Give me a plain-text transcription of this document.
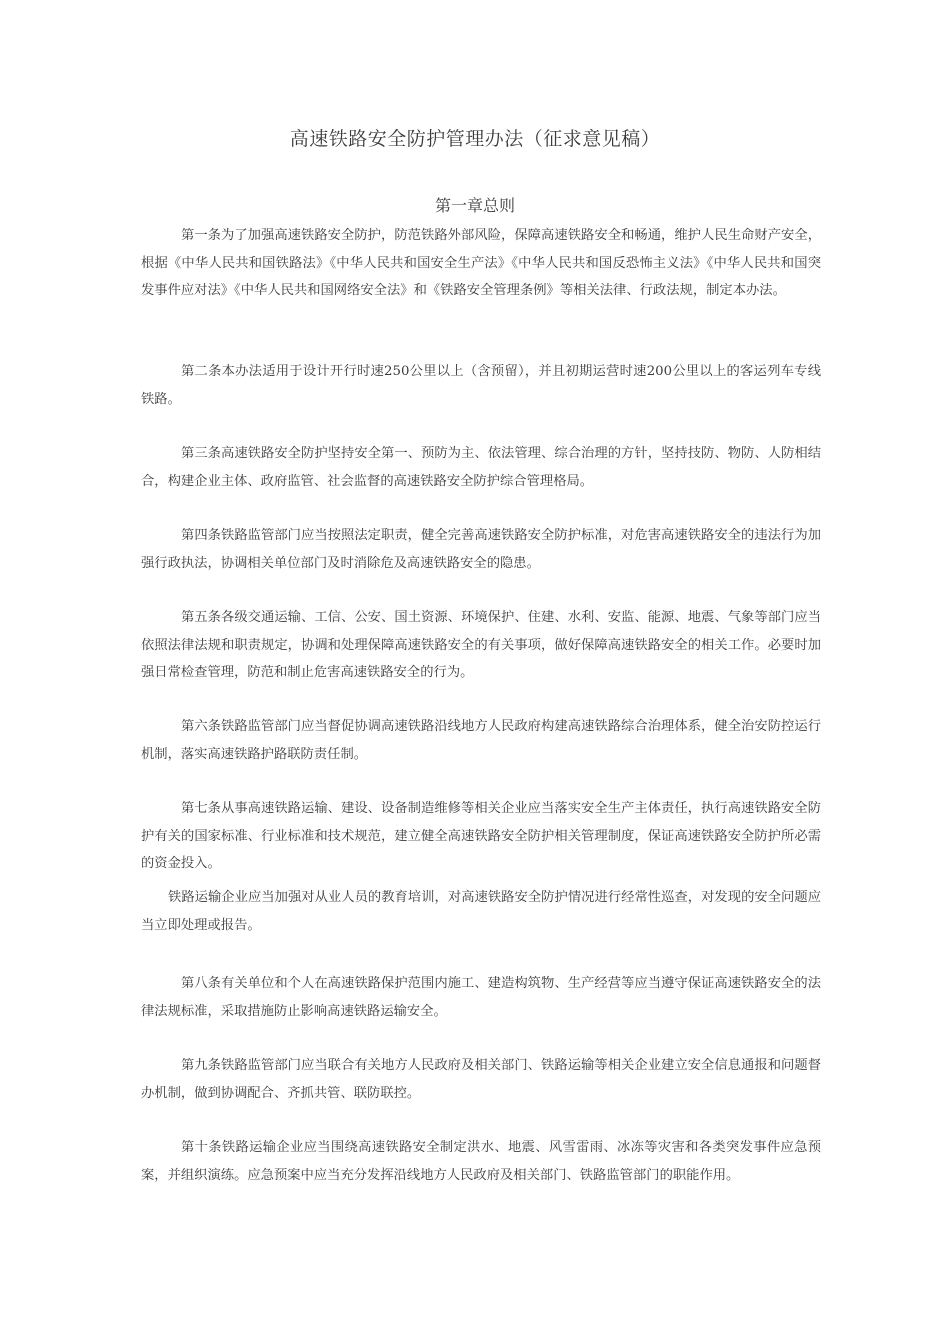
高速铁路安全防护管理办法（征求意见稿）
第一章总则

第一条为了加强高速铁路安全防护，防范铁路外部风险，保障高速铁路安全和畅通，维护人民生命财产安全，根据《中华人民共和国铁路法》《中华人民共和国安全生产法》《中华人民共和国反恐怖主义法》《中华人民共和国突发事件应对法》《中华人民共和国网络安全法》和《铁路安全管理条例》等相关法律、行政法规，制定本办法。

第二条本办法适用于设计开行时速250公里以上（含预留），并且初期运营时速200公里以上的客运列车专线铁路。

第三条高速铁路安全防护坚持安全第一、预防为主、依法管理、综合治理的方针，坚持技防、物防、人防相结合，构建企业主体、政府监管、社会监督的高速铁路安全防护综合管理格局。

第四条铁路监管部门应当按照法定职责，健全完善高速铁路安全防护标准，对危害高速铁路安全的违法行为加强行政执法，协调相关单位部门及时消除危及高速铁路安全的隐患。

第五条各级交通运输、工信、公安、国土资源、环境保护、住建、水利、安监、能源、地震、气象等部门应当依照法律法规和职责规定，协调和处理保障高速铁路安全的有关事项，做好保障高速铁路安全的相关工作。必要时加强日常检查管理，防范和制止危害高速铁路安全的行为。

第六条铁路监管部门应当督促协调高速铁路沿线地方人民政府构建高速铁路综合治理体系，健全治安防控运行机制，落实高速铁路护路联防责任制。

第七条从事高速铁路运输、建设、设备制造维修等相关企业应当落实安全生产主体责任，执行高速铁路安全防护有关的国家标准、行业标准和技术规范，建立健全高速铁路安全防护相关管理制度，保证高速铁路安全防护所必需的资金投入。

铁路运输企业应当加强对从业人员的教育培训，对高速铁路安全防护情况进行经常性巡查，对发现的安全问题应当立即处理或报告。

第八条有关单位和个人在高速铁路保护范围内施工、建造构筑物、生产经营等应当遵守保证高速铁路安全的法律法规标准，采取措施防止影响高速铁路运输安全。

第九条铁路监管部门应当联合有关地方人民政府及相关部门、铁路运输等相关企业建立安全信息通报和问题督办机制，做到协调配合、齐抓共管、联防联控。

第十条铁路运输企业应当围绕高速铁路安全制定洪水、地震、风雪雷雨、冰冻等灾害和各类突发事件应急预案，并组织演练。应急预案中应当充分发挥沿线地方人民政府及相关部门、铁路监管部门的职能作用。
